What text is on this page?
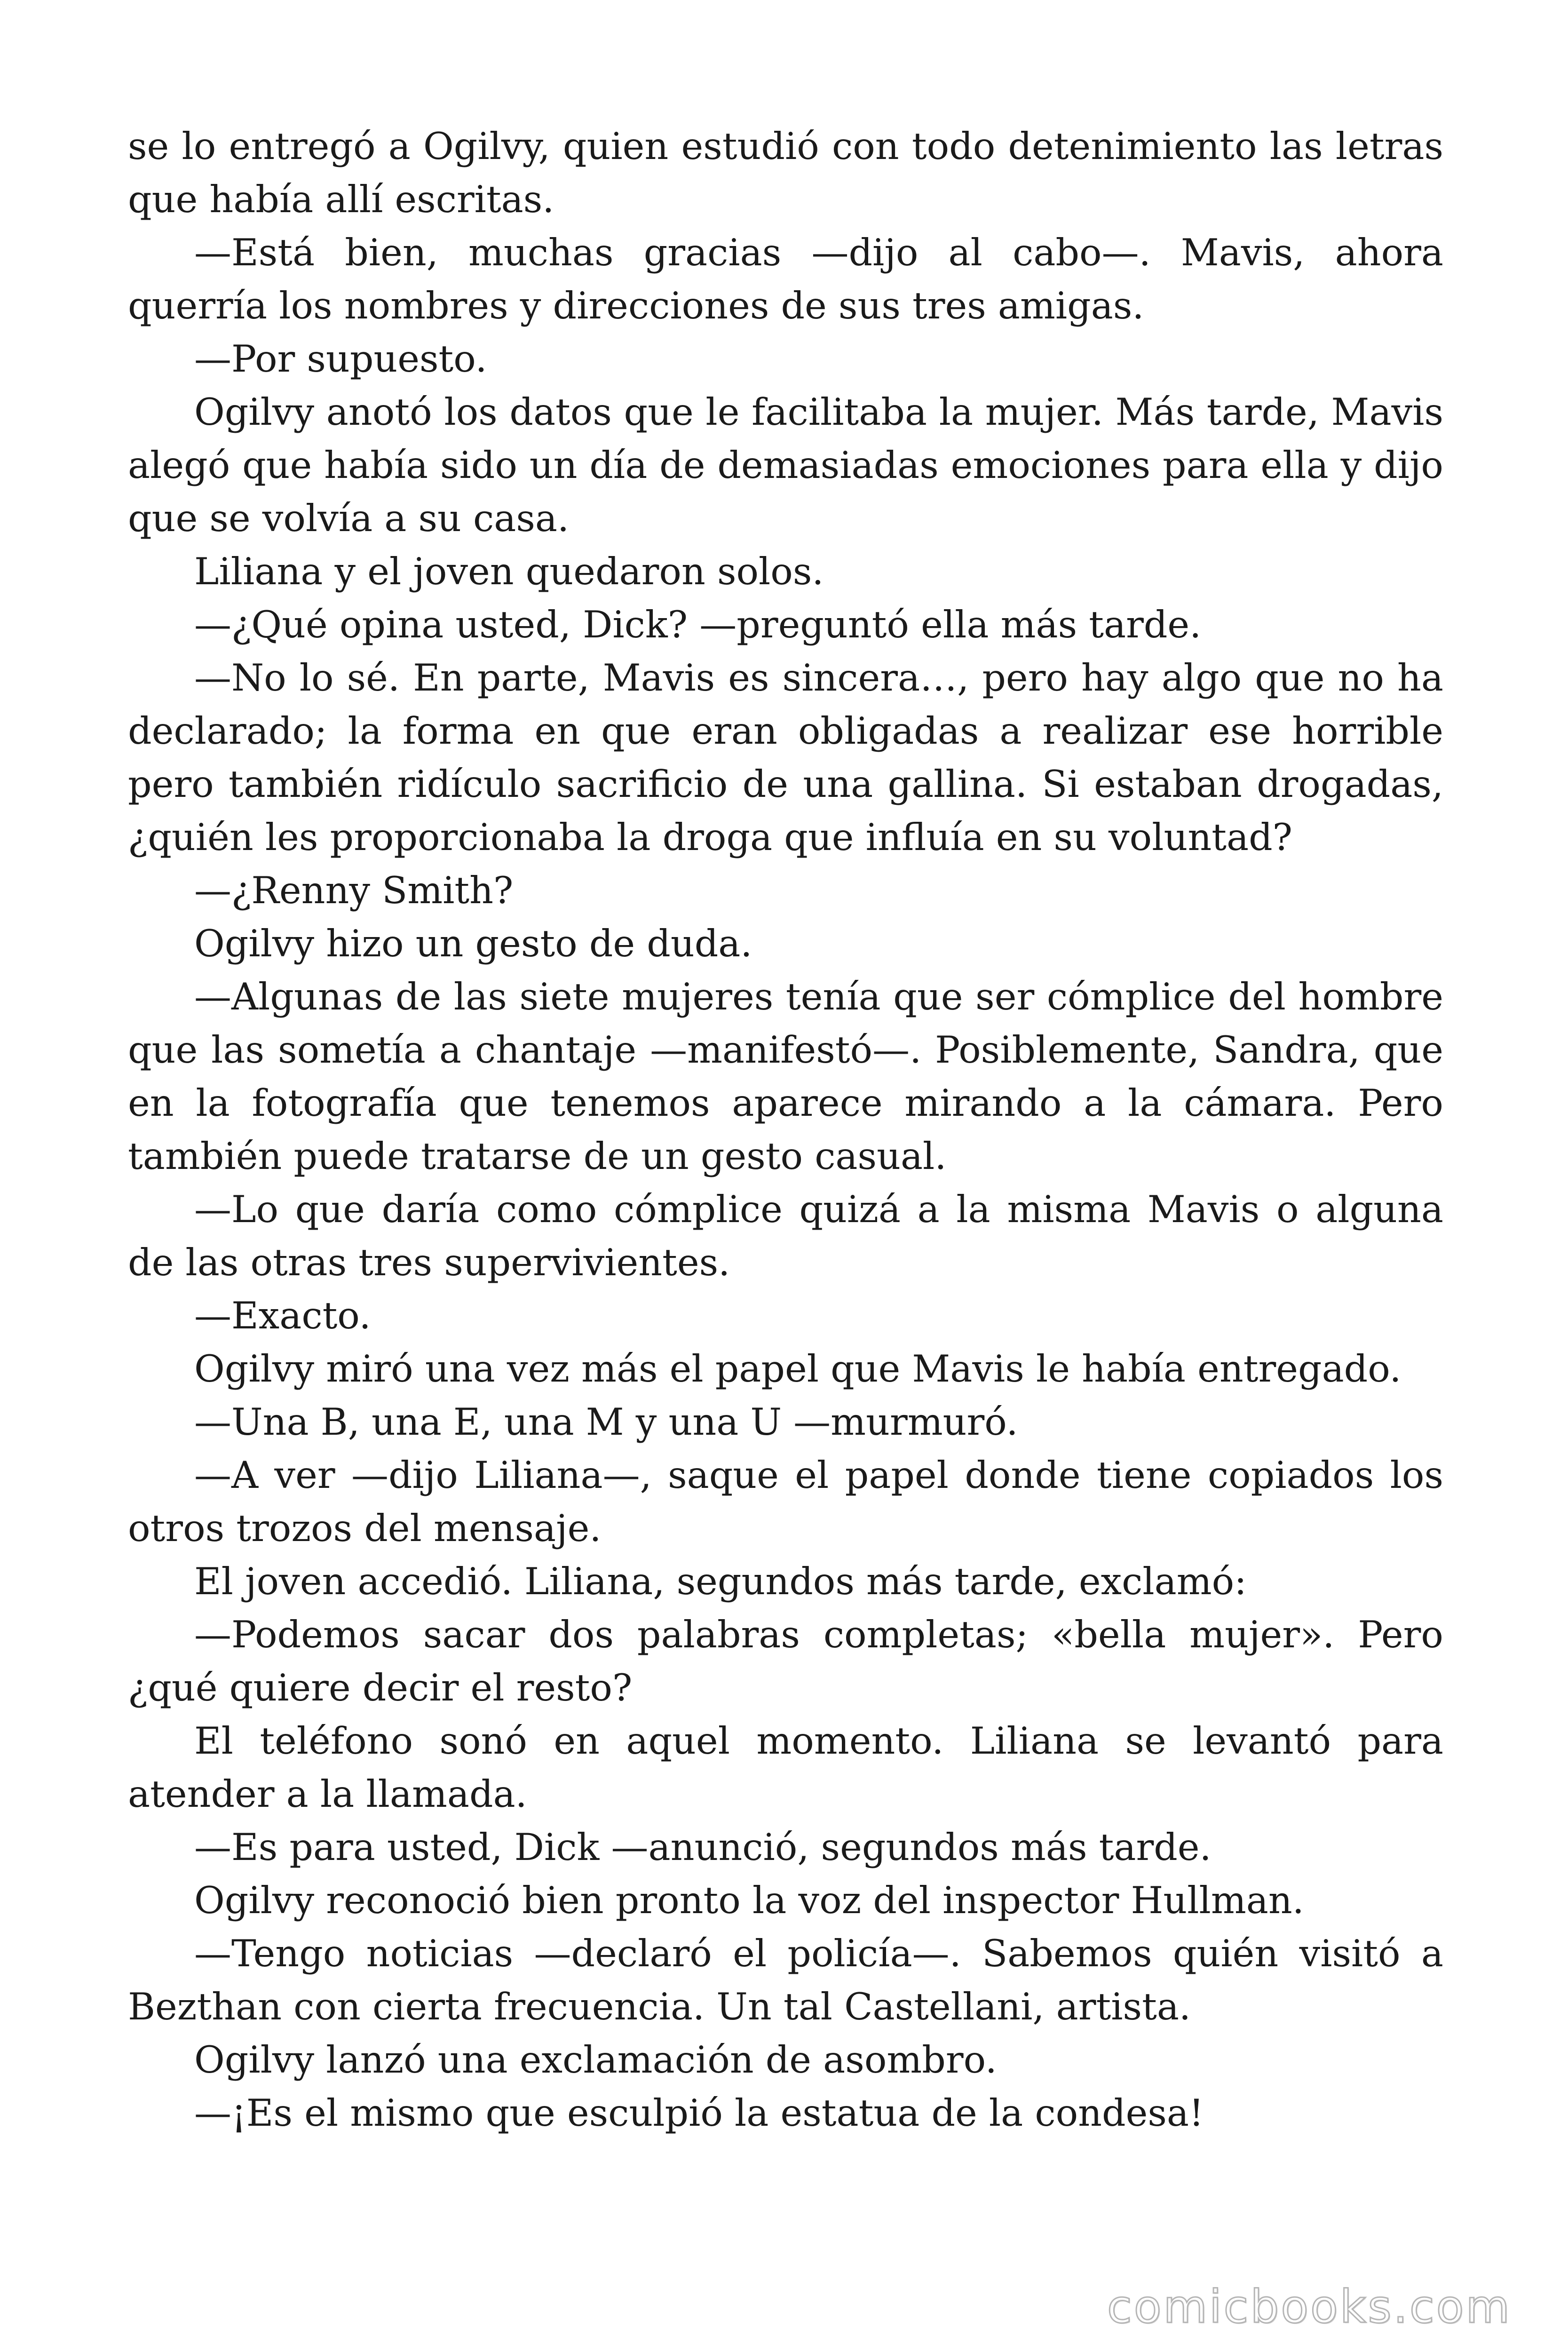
se lo entregó a Ogilvy, quien estudió con todo detenimiento las letras que había allí escritas.

—Está bien, muchas gracias —dijo al cabo—. Mavis, ahora querría los nombres y direcciones de sus tres amigas.

—Por supuesto.

Ogilvy anotó los datos que le facilitaba la mujer. Más tarde, Mavis alegó que había sido un día de demasiadas emociones para ella y dijo que se volvía a su casa.

Liliana y el joven quedaron solos.

—¿Qué opina usted, Dick? —preguntó ella más tarde.

—No lo sé. En parte, Mavis es sincera…, pero hay algo que no ha declarado; la forma en que eran obligadas a realizar ese horrible pero también ridículo sacrificio de una gallina. Si estaban drogadas, ¿quién les proporcionaba la droga que influía en su voluntad?

—¿Renny Smith?

Ogilvy hizo un gesto de duda.

—Algunas de las siete mujeres tenía que ser cómplice del hombre que las sometía a chantaje —manifestó—. Posiblemente, Sandra, que en la fotografía que tenemos aparece mirando a la cámara. Pero también puede tratarse de un gesto casual.

—Lo que daría como cómplice quizá a la misma Mavis o alguna de las otras tres supervivientes.

—Exacto.

Ogilvy miró una vez más el papel que Mavis le había entregado.

—Una B, una E, una M y una U —murmuró.

—A ver —dijo Liliana—, saque el papel donde tiene copiados los otros trozos del mensaje.

El joven accedió. Liliana, segundos más tarde, exclamó:

—Podemos sacar dos palabras completas; «bella mujer». Pero ¿qué quiere decir el resto?

El teléfono sonó en aquel momento. Liliana se levantó para atender a la llamada.

—Es para usted, Dick —anunció, segundos más tarde.

Ogilvy reconoció bien pronto la voz del inspector Hullman.

—Tengo noticias —declaró el policía—. Sabemos quién visitó a Bezthan con cierta frecuencia. Un tal Castellani, artista.

Ogilvy lanzó una exclamación de asombro.

—¡Es el mismo que esculpió la estatua de la condesa!

comicbooks.com
